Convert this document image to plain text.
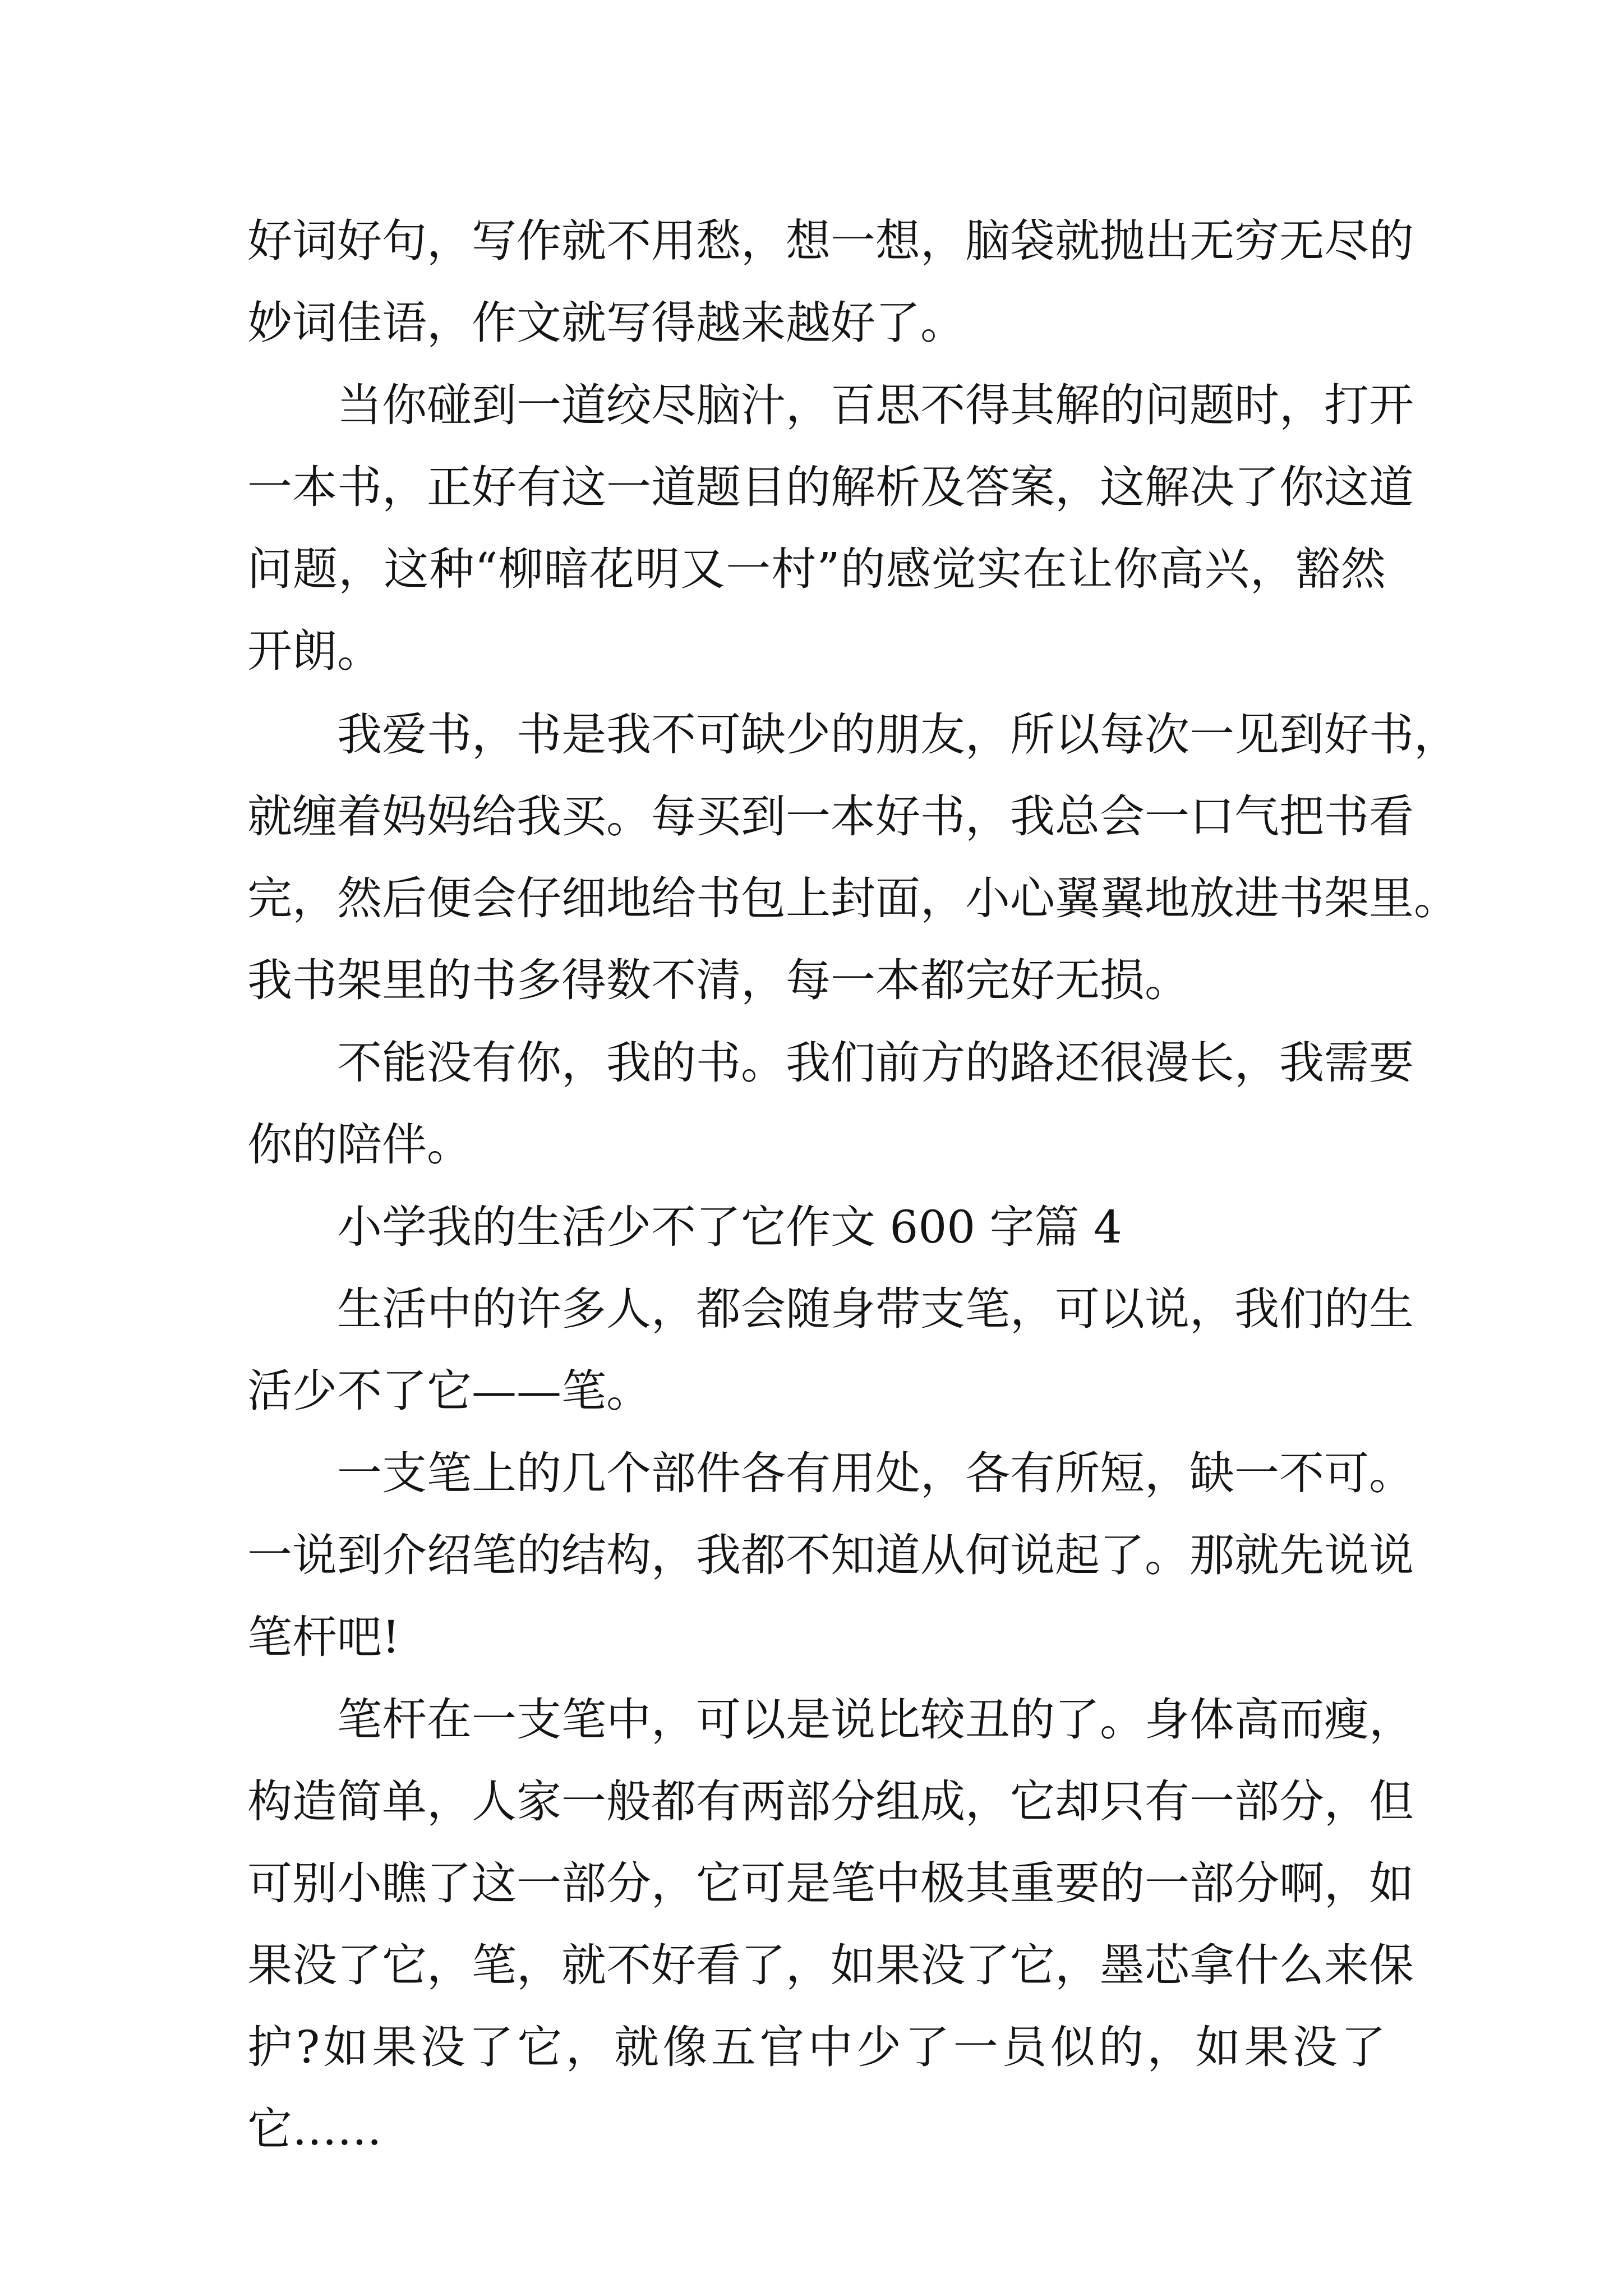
好词好句，写作就不用愁，想一想，脑袋就抛出无穷无尽的
妙词佳语，作文就写得越来越好了。
当你碰到一道绞尽脑汁，百思不得其解的问题时，打开
一本书，正好有这一道题目的解析及答案，这解决了你这道
问题，这种“柳暗花明又一村”的感觉实在让你高兴，豁然
开朗。
我爱书，书是我不可缺少的朋友，所以每次一见到好书，
就缠着妈妈给我买。每买到一本好书，我总会一口气把书看
完，然后便会仔细地给书包上封面，小心翼翼地放进书架里。
我书架里的书多得数不清，每一本都完好无损。
不能没有你，我的书。我们前方的路还很漫长，我需要
你的陪伴。
小学我的生活少不了它作文 600 字篇 4
生活中的许多人，都会随身带支笔，可以说，我们的生
活少不了它——笔。
一支笔上的几个部件各有用处，各有所短，缺一不可。
一说到介绍笔的结构，我都不知道从何说起了。那就先说说
笔杆吧!
笔杆在一支笔中，可以是说比较丑的了。身体高而瘦，
构造简单，人家一般都有两部分组成，它却只有一部分，但
可别小瞧了这一部分，它可是笔中极其重要的一部分啊，如
果没了它，笔，就不好看了，如果没了它，墨芯拿什么来保
护?如果没了它，就像五官中少了一员似的，如果没了
它……
